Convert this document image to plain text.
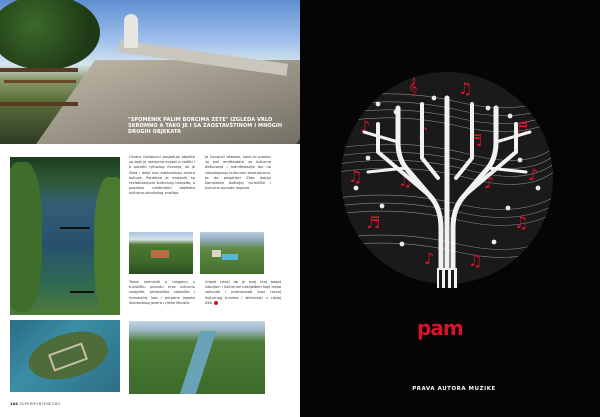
"SPOMENIK PALIM BORCIMA ZETE" IZGLEDA VRLO SKROMNO A TAKO JE I SA ZAOSTAVŠTINOM I MNOGIH DRUGIH OBJEKATA

Centra Golubovci posjeduje objekte za koje je razvijena svijest o zaštiti i o potrebi njihovog čuvanja, ali je Zeta i dalje bez adekvatnog centra kulture. Potrebno je nastaviti sa revitalizacijom kulturnog nasljeđa, a posebno uređenjem objekata kulturno-istorijskog značaja.

Je čuvajući oktobar, kako bi prostor sa pet amfiteatara za kulturna dešavanja i manifestacije bio na raspolaganju kulturnim stvaraocima, te da posjetioci Zete dobiju kompletan doživljaj turističke i kulturne ponude regiona.

Treba razmisliti o ulaganju u turističku ponudu kroz kulturno nasljeđe, arheološka nalazišta i manastire, kao i prirodne ljepote Skadarskog jezera i rijeke Morače.

Vrijedi istaći da je ovaj kraj bogat istorijom i kulturnim naslijeđem koje treba sačuvati i promovisati kroz razvoj kulturnog turizma i aktivnosti u cijeloj Zeti.

104 SUPERMONTENEGRO
𝄞	♫
♪	♬
♫	♪
♬	♫
♪ ♬
♫	♪
♪ ♫
pam
PRAVA AUTORA MUZIKE
